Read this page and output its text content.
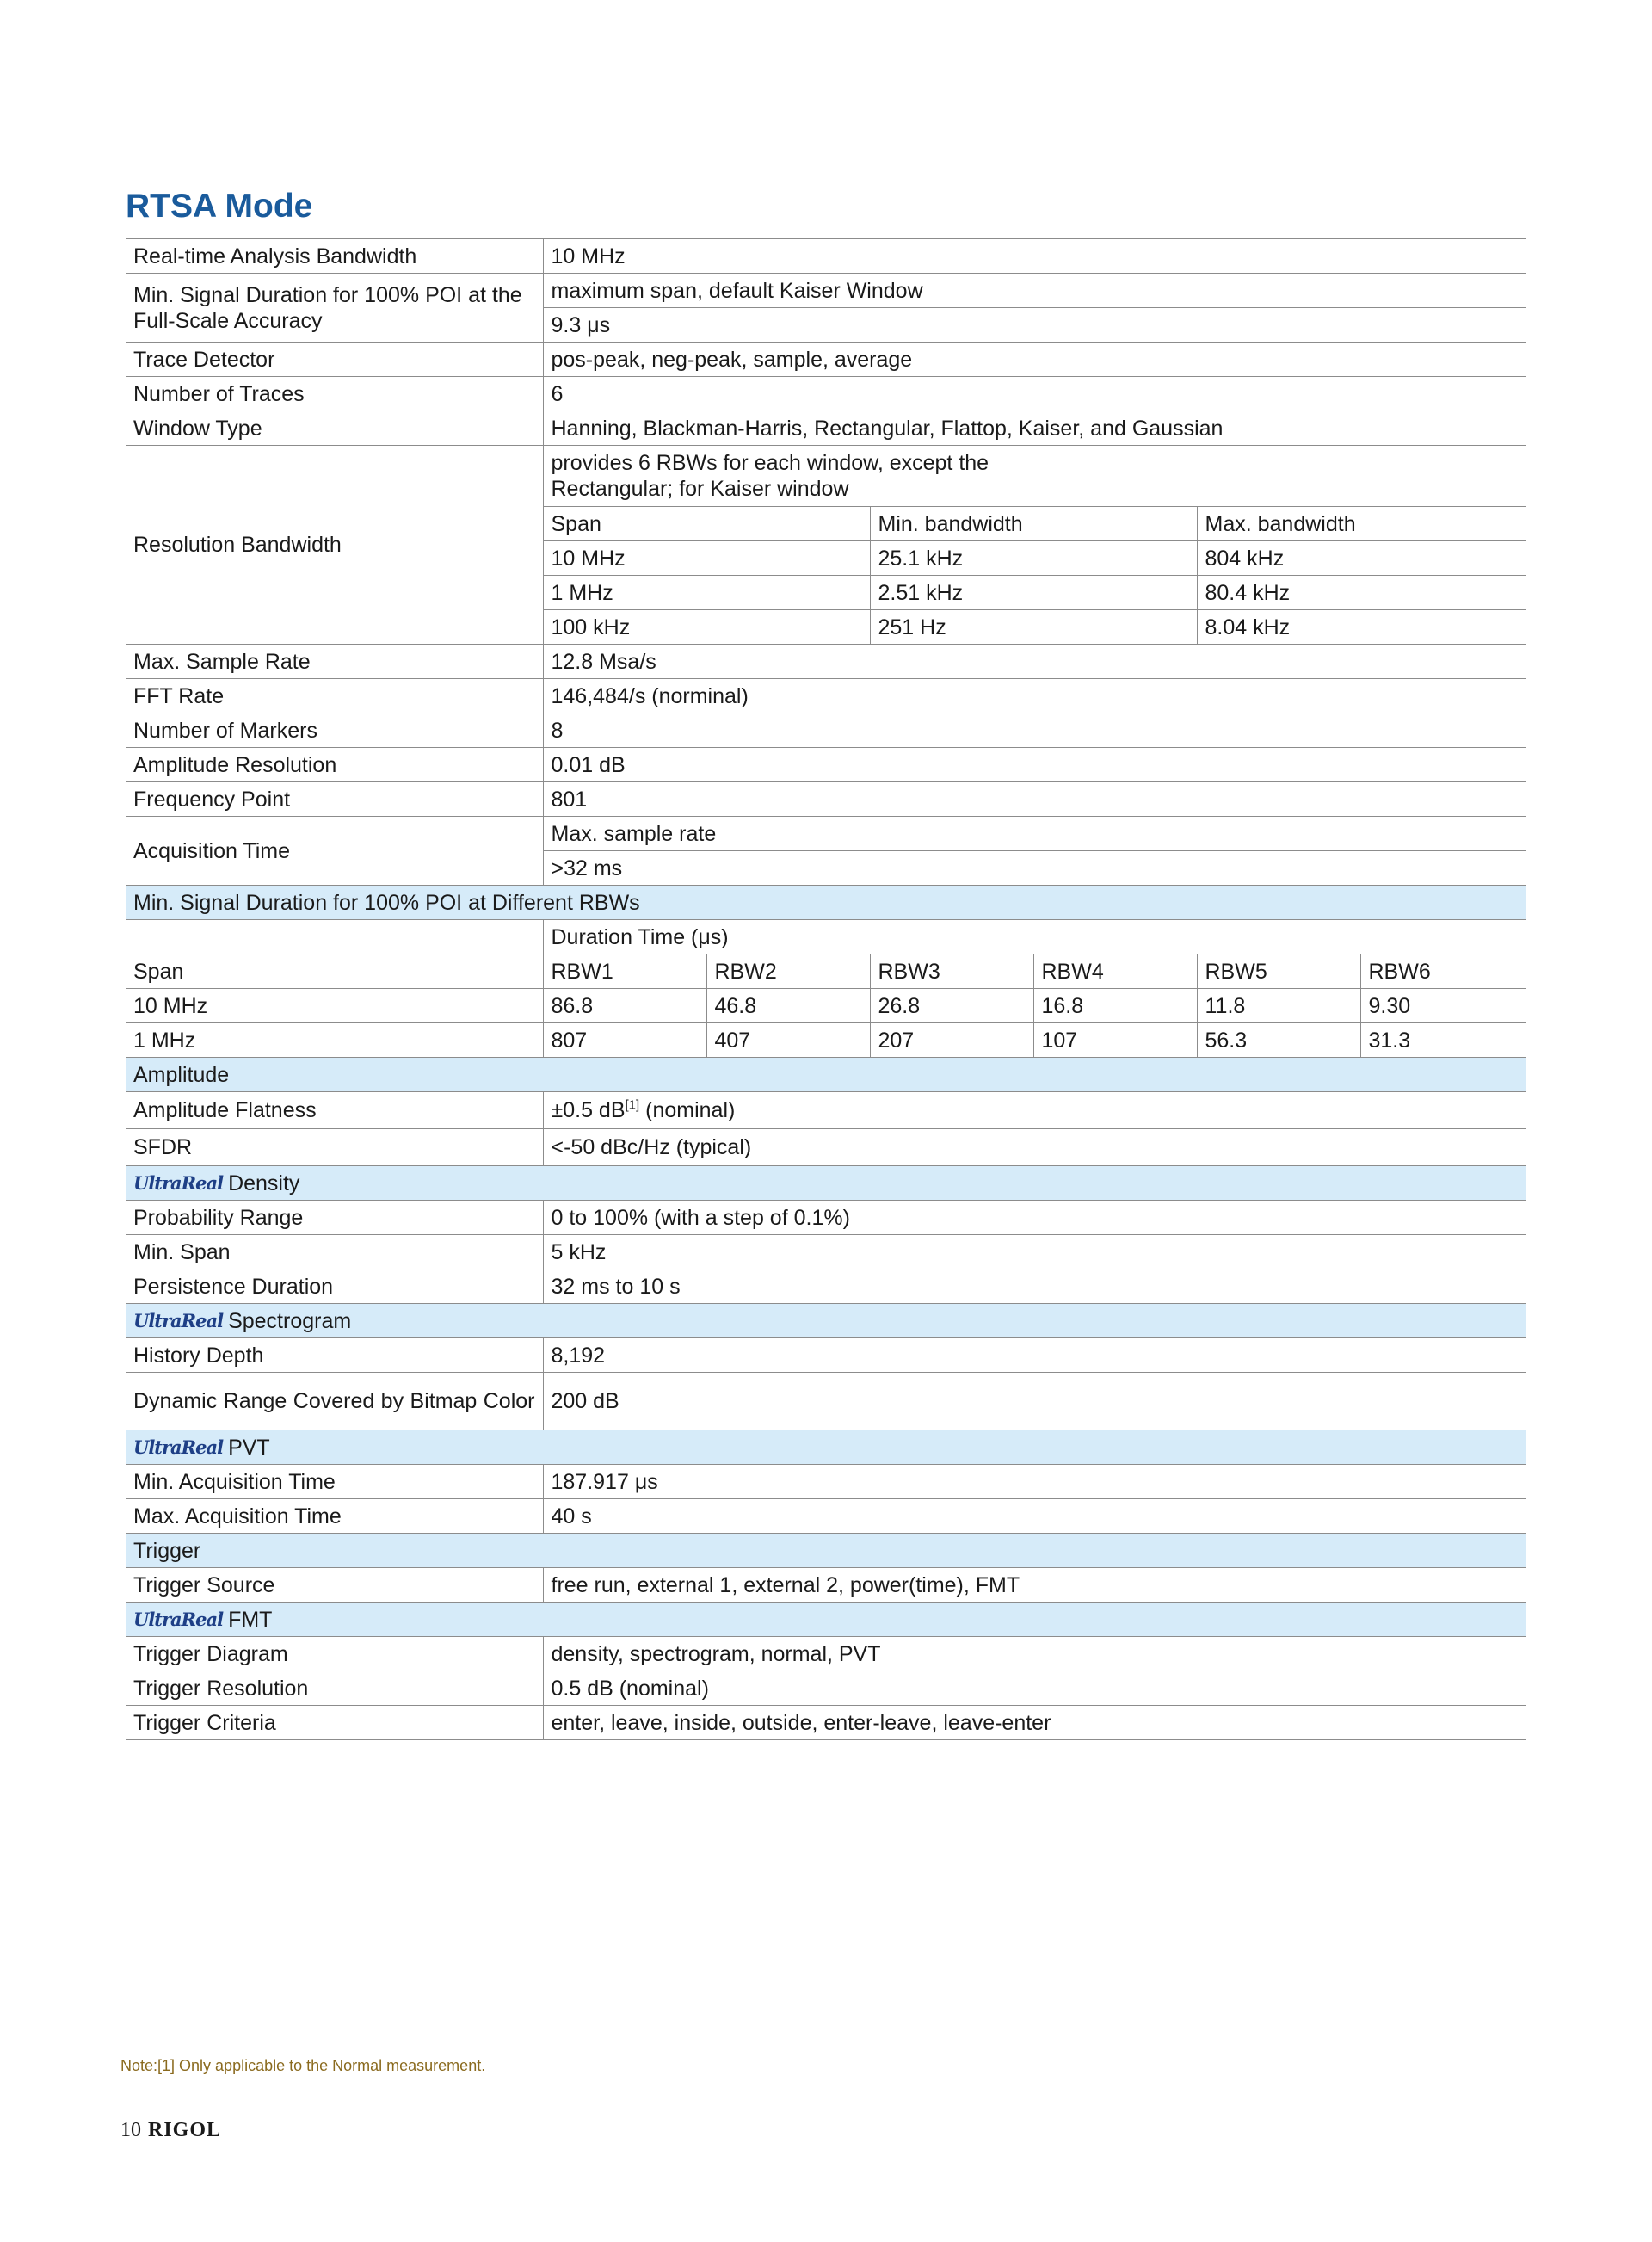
RTSA Mode
Real-time Analysis Bandwidth	10 MHz					
Min. Signal Duration for 100% POI at the Full-Scale Accuracy	maximum span, default Kaiser Window					
	9.3 μs					
Trace Detector	pos-peak, neg-peak, sample, average					
Number of Traces	6					
Window Type	Hanning, Blackman-Harris, Rectangular, Flattop, Kaiser, and Gaussian					
Resolution Bandwidth	provides 6 RBWs for each window, except the Rectangular; for Kaiser window					
	Span		Min. bandwidth		Max. bandwidth	
	10 MHz		25.1 kHz		804 kHz	
	1 MHz		2.51 kHz		80.4 kHz	
	100 kHz		251 Hz		8.04 kHz	
Max. Sample Rate	12.8 Msa/s					
FFT Rate	146,484/s (norminal)					
Number of Markers	8					
Amplitude Resolution	0.01 dB					
Frequency Point	801					
Acquisition Time	Max. sample rate					
	>32 ms					
Min. Signal Duration for 100% POI at Different RBWs						
	Duration Time (μs)					
Span	RBW1	RBW2	RBW3	RBW4	RBW5	RBW6
10 MHz	86.8	46.8	26.8	16.8	11.8	9.30
1 MHz	807	407	207	107	56.3	31.3
Amplitude						
Amplitude Flatness	±0.5 dB[1] (nominal)					
SFDR	<-50 dBc/Hz (typical)					
UltraReal Density						
Probability Range	0 to 100% (with a step of 0.1%)					
Min. Span	5 kHz					
Persistence Duration	32 ms to 10 s					
UltraReal Spectrogram						
History Depth	8,192					
Dynamic Range Covered by Bitmap Color	200 dB					
UltraReal PVT						
Min. Acquisition Time	187.917 μs					
Max. Acquisition Time	40 s					
Trigger						
Trigger Source	free run, external 1, external 2, power(time), FMT					
UltraReal FMT						
Trigger Diagram	density, spectrogram, normal, PVT					
Trigger Resolution	0.5 dB (nominal)					
Trigger Criteria	enter, leave, inside, outside, enter-leave, leave-enter					
Note:[1] Only applicable to the Normal measurement.
10 RIGOL
